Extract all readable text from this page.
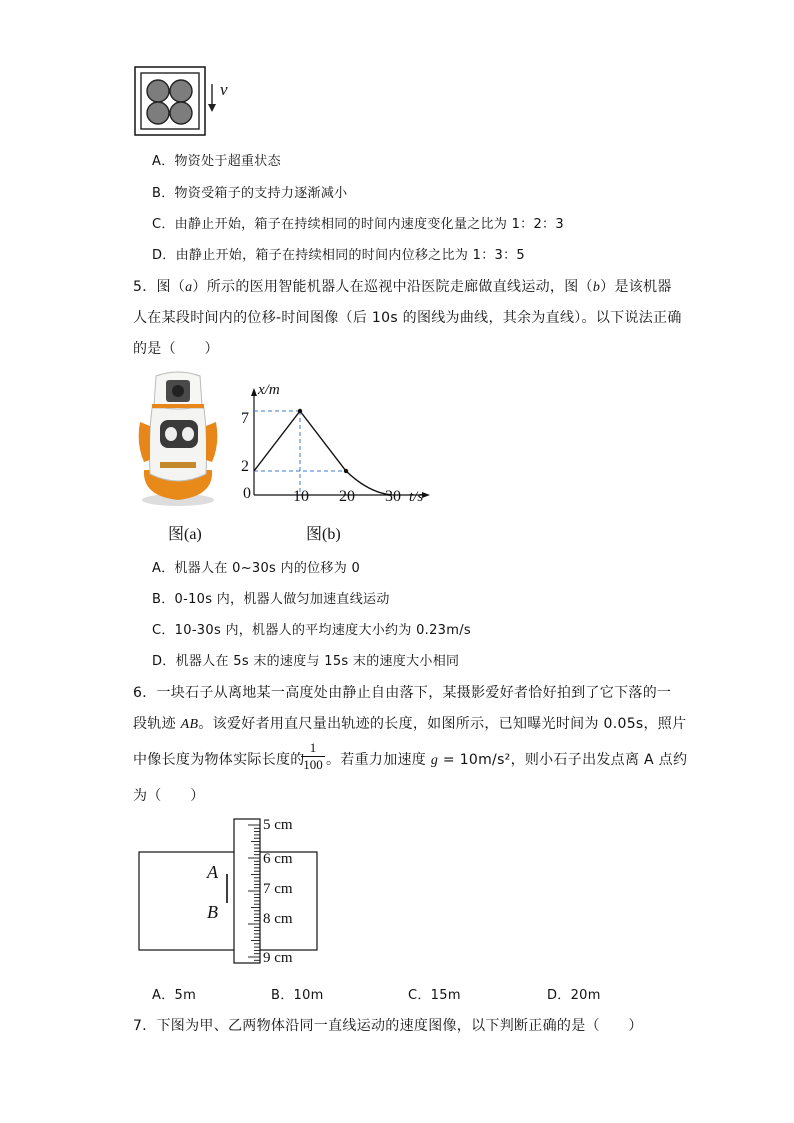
v
A．物资处于超重状态
B．物资受箱子的支持力逐渐减小
C．由静止开始，箱子在持续相同的时间内速度变化量之比为 1：2：3
D．由静止开始，箱子在持续相同的时间内位移之比为 1：3：5
5．图（a）所示的医用智能机器人在巡视中沿医院走廊做直线运动，图（b）是该机器
人在某段时间内的位移-时间图像（后 10s 的图线为曲线，其余为直线）。以下说法正确
的是（　　）
图(a)
x/m
t/s
0
7
2
10 20 30
图(b)
A．机器人在 0~30s 内的位移为 0
B．0-10s 内，机器人做匀加速直线运动
C．10-30s 内，机器人的平均速度大小约为 0.23m/s
D．机器人在 5s 末的速度与 15s 末的速度大小相同
6．一块石子从离地某一高度处由静止自由落下，某摄影爱好者恰好拍到了它下落的一
段轨迹 AB。该爱好者用直尺量出轨迹的长度，如图所示，已知曝光时间为 0.05s，照片
中像长度为物体实际长度的
1
100 。若重力加速度 g = 10m/s²，则小石子出发点离 A 点约
为（　　）
A
B
5 cm
6 cm
7 cm
8 cm
9 cm
A．5m	B．10m	C．15m	D．20m
7．下图为甲、乙两物体沿同一直线运动的速度图像，以下判断正确的是（　　）
